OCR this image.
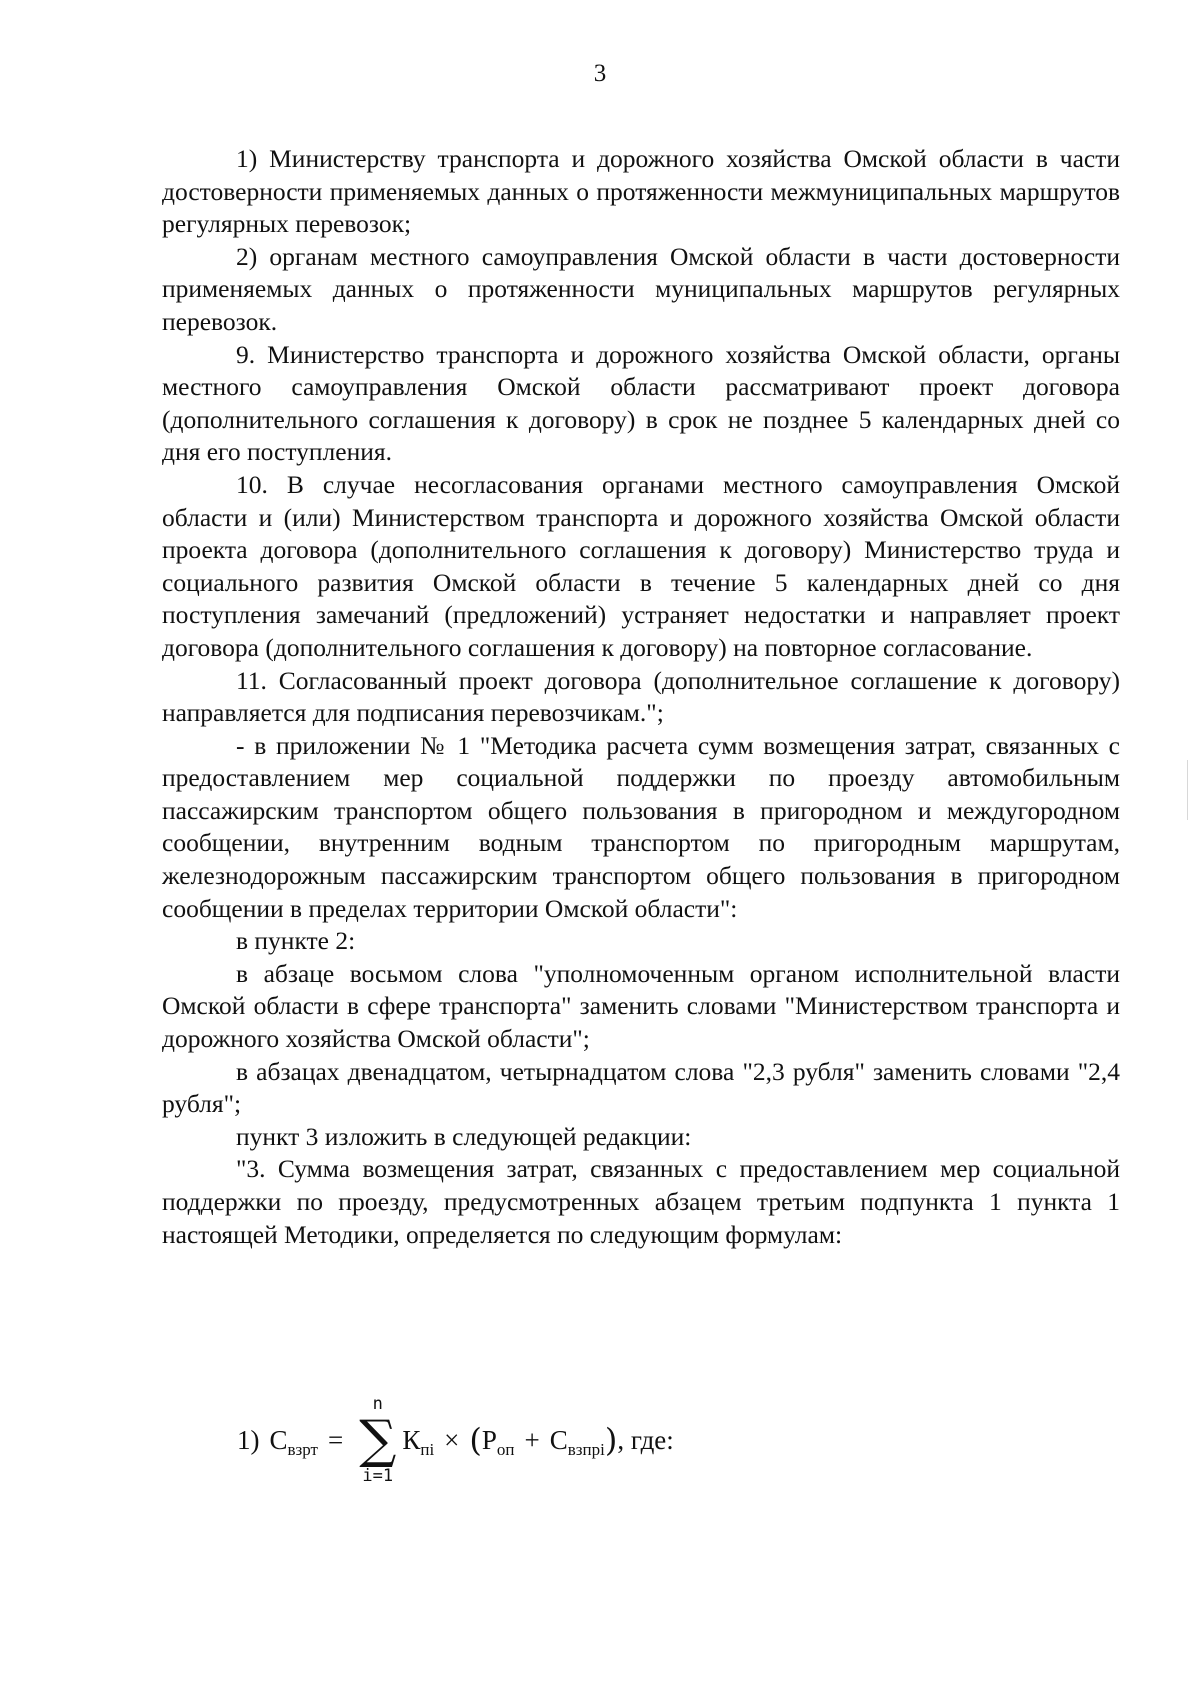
3

1) Министерству транспорта и дорожного хозяйства Омской области в части достоверности применяемых данных о протяженности межмуниципальных маршрутов регулярных перевозок;

2) органам местного самоуправления Омской области в части достоверности применяемых данных о протяженности муниципальных маршрутов регулярных перевозок.

9. Министерство транспорта и дорожного хозяйства Омской области, органы местного самоуправления Омской области рассматривают проект договора (дополнительного соглашения к договору) в срок не позднее 5 календарных дней со дня его поступления.

10. В случае несогласования органами местного самоуправления Омской области и (или) Министерством транспорта и дорожного хозяйства Омской области проекта договора (дополнительного соглашения к договору) Министерство труда и социального развития Омской области в течение 5 календарных дней со дня поступления замечаний (предложений) устраняет недостатки и направляет проект договора (дополнительного соглашения к договору) на повторное согласование.

11. Согласованный проект договора (дополнительное соглашение к договору) направляется для подписания перевозчикам.";

- в приложении № 1 "Методика расчета сумм возмещения затрат, связанных с предоставлением мер социальной поддержки по проезду автомобильным пассажирским транспортом общего пользования в пригородном и междугородном сообщении, внутренним водным транспортом по пригородным маршрутам, железнодорожным пассажирским транспортом общего пользования в пригородном сообщении в пределах территории Омской области":

в пункте 2:

в абзаце восьмом слова "уполномоченным органом исполнительной власти Омской области в сфере транспорта" заменить словами "Министерством транспорта и дорожного хозяйства Омской области";

в абзацах двенадцатом, четырнадцатом слова "2,3 рубля" заменить словами "2,4 рубля";

пункт 3 изложить в следующей редакции:

"3. Сумма возмещения затрат, связанных с предоставлением мер социальной поддержки по проезду, предусмотренных абзацем третьим подпункта 1 пункта 1 настоящей Методики, определяется по следующим формулам:

1) $С_{взрт}$ =
n
∑
i=1
$К_{пi}$ × ( $Р_{оп} + С_{взпрi}$ ) , где:
